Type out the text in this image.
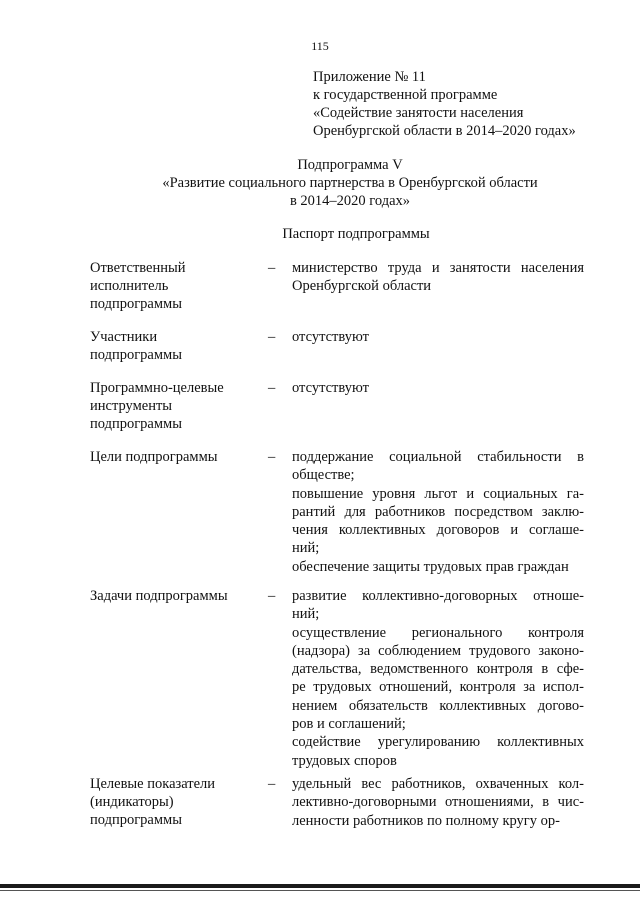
115
Приложение № 11
к государственной программе
«Содействие занятости населения
Оренбургской области в 2014–2020 годах»
Подпрограмма V
«Развитие социального партнерства в Оренбургской области
в 2014–2020 годах»
Паспорт подпрограммы
Ответственный
исполнитель
подпрограммы
– министерство труда и занятости населения
Оренбургской области
Участники
подпрограммы
– отсутствуют
Программно-целевые
инструменты
подпрограммы
– отсутствуют
Цели подпрограммы	– поддержание социальной стабильности в
обществе;
повышение уровня льгот и социальных га-
рантий для работников посредством заклю-
чения коллективных договоров и соглаше-
ний;
обеспечение защиты трудовых прав граждан
Задачи подпрограммы	– развитие коллективно-договорных отноше-
ний;
осуществление регионального контроля
(надзора) за соблюдением трудового законо-
дательства, ведомственного контроля в сфе-
ре трудовых отношений, контроля за испол-
нением обязательств коллективных догово-
ров и соглашений;
содействие урегулированию коллективных
трудовых споров
Целевые показатели
(индикаторы)
подпрограммы
– удельный вес работников, охваченных кол-
лективно-договорными отношениями, в чис-
ленности работников по полному кругу ор-
